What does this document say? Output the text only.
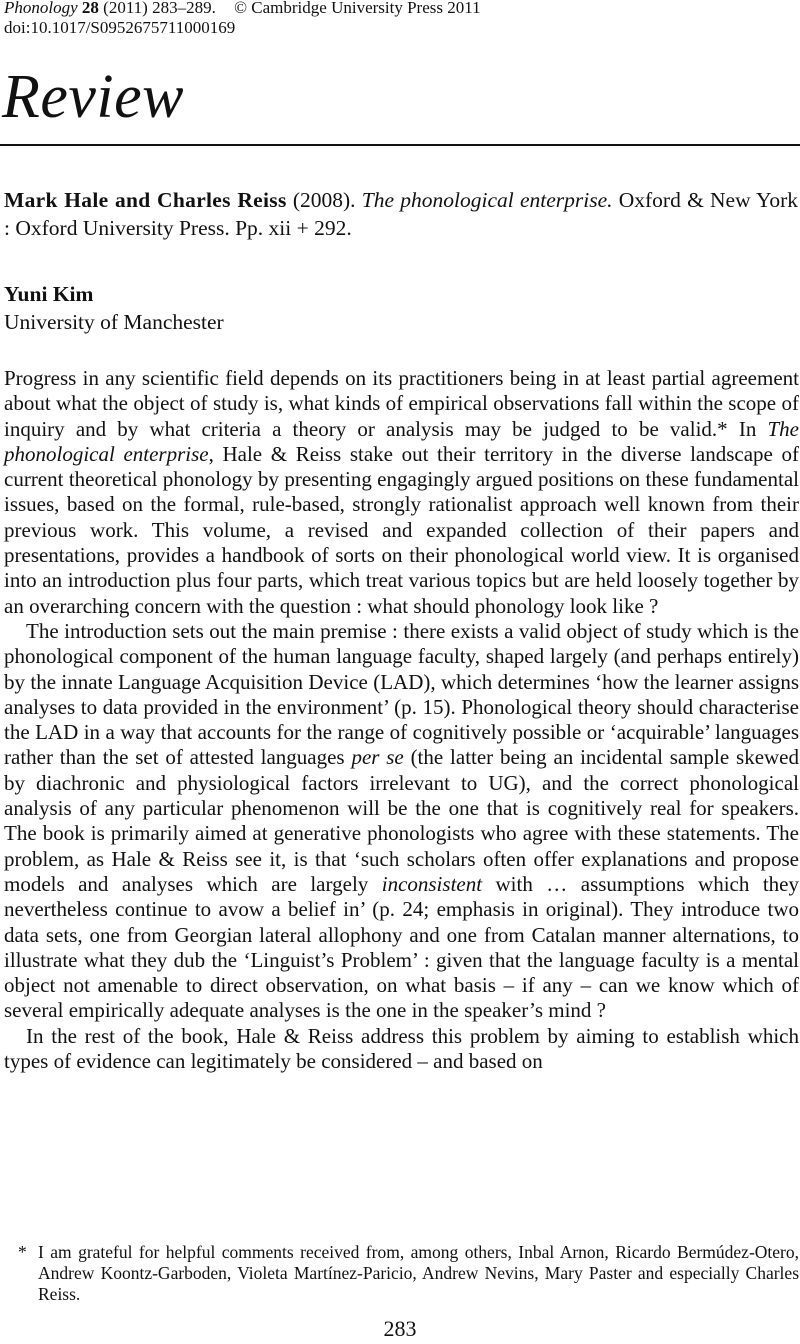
Phonology 28 (2011) 283–289. © Cambridge University Press 2011
doi:10.1017/S0952675711000169
Review
Mark Hale and Charles Reiss (2008). The phonological enterprise. Oxford & New York : Oxford University Press. Pp. xii + 292.
Yuni Kim
University of Manchester

Progress in any scientific field depends on its practitioners being in at least partial agreement about what the object of study is, what kinds of empirical observations fall within the scope of inquiry and by what criteria a theory or analysis may be judged to be valid.* In The phonological enterprise, Hale & Reiss stake out their territory in the diverse landscape of current theoretical phonology by presenting engagingly argued positions on these fundamental issues, based on the formal, rule-based, strongly rationalist approach well known from their previous work. This volume, a revised and expanded collection of their papers and presentations, provides a handbook of sorts on their phonological world view. It is organised into an introduction plus four parts, which treat various topics but are held loosely together by an overarching concern with the question : what should phonology look like ?

The introduction sets out the main premise : there exists a valid object of study which is the phonological component of the human language faculty, shaped largely (and perhaps entirely) by the innate Language Acquisition Device (LAD), which determines ‘how the learner assigns analyses to data provided in the environment’ (p. 15). Phonological theory should characterise the LAD in a way that accounts for the range of cognitively possible or ‘acquirable’ languages rather than the set of attested languages per se (the latter being an incidental sample skewed by diachronic and physiological factors irrelevant to UG), and the correct phonological analysis of any particular phenomenon will be the one that is cognitively real for speakers. The book is primarily aimed at generative phonologists who agree with these statements. The problem, as Hale & Reiss see it, is that ‘such scholars often offer explanations and propose models and analyses which are largely inconsistent with … assumptions which they nevertheless continue to avow a belief in’ (p. 24; emphasis in original). They introduce two data sets, one from Georgian lateral allophony and one from Catalan manner alternations, to illustrate what they dub the ‘Linguist’s Problem’ : given that the language faculty is a mental object not amenable to direct observation, on what basis – if any – can we know which of several empirically adequate analyses is the one in the speaker’s mind ?

In the rest of the book, Hale & Reiss address this problem by aiming to establish which types of evidence can legitimately be considered – and based on

* I am grateful for helpful comments received from, among others, Inbal Arnon, Ricardo Bermúdez-Otero, Andrew Koontz-Garboden, Violeta Martínez-Paricio, Andrew Nevins, Mary Paster and especially Charles Reiss.
283
